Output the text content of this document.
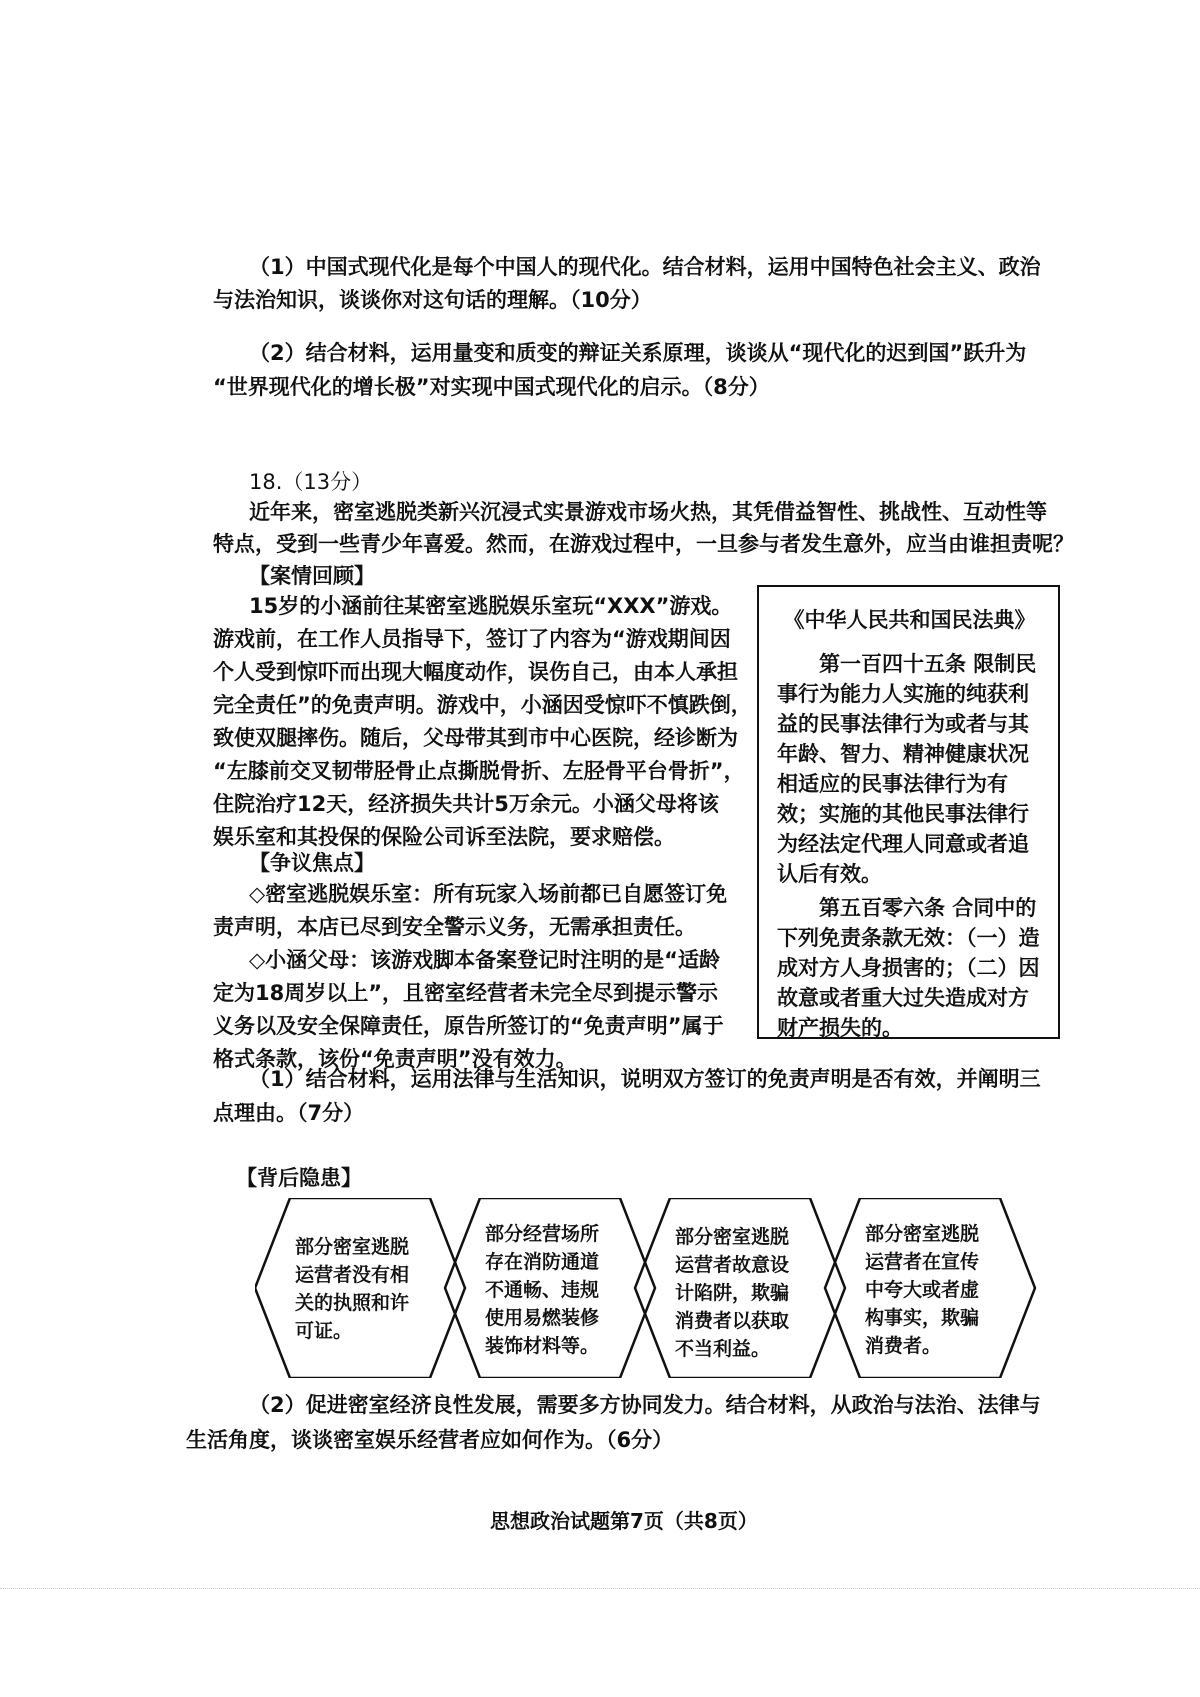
（1）中国式现代化是每个中国人的现代化。结合材料，运用中国特色社会主义、政治
与法治知识，谈谈你对这句话的理解。（10分）
（2）结合材料，运用量变和质变的辩证关系原理，谈谈从“现代化的迟到国”跃升为
“世界现代化的增长极”对实现中国式现代化的启示。（8分）
18.（13分）
近年来，密室逃脱类新兴沉浸式实景游戏市场火热，其凭借益智性、挑战性、互动性等
特点，受到一些青少年喜爱。然而，在游戏过程中，一旦参与者发生意外，应当由谁担责呢？
【案情回顾】
15岁的小涵前往某密室逃脱娱乐室玩“XXX”游戏。
游戏前，在工作人员指导下，签订了内容为“游戏期间因
个人受到惊吓而出现大幅度动作，误伤自己，由本人承担
完全责任”的免责声明。游戏中，小涵因受惊吓不慎跌倒，
致使双腿摔伤。随后，父母带其到市中心医院，经诊断为
“左膝前交叉韧带胫骨止点撕脱骨折、左胫骨平台骨折”，
住院治疗12天，经济损失共计5万余元。小涵父母将该
娱乐室和其投保的保险公司诉至法院，要求赔偿。
【争议焦点】
◇密室逃脱娱乐室：所有玩家入场前都已自愿签订免
责声明，本店已尽到安全警示义务，无需承担责任。
◇小涵父母：该游戏脚本备案登记时注明的是“适龄
定为18周岁以上”，且密室经营者未完全尽到提示警示
义务以及安全保障责任，原告所签订的“免责声明”属于
格式条款，该份“免责声明”没有效力。
《中华人民共和国民法典》

第一百四十五条 限制民事行为能力人实施的纯获利益的民事法律行为或者与其年龄、智力、精神健康状况相适应的民事法律行为有效；实施的其他民事法律行为经法定代理人同意或者追认后有效。

第五百零六条 合同中的下列免责条款无效：（一）造成对方人身损害的；（二）因故意或者重大过失造成对方财产损失的。

（1）结合材料，运用法律与生活知识，说明双方签订的免责声明是否有效，并阐明三
点理由。（7分）
【背后隐患】
部分密室逃脱运营者没有相关的执照和许可证。
部分经营场所存在消防通道不通畅、违规使用易燃装修装饰材料等。
部分密室逃脱运营者故意设计陷阱，欺骗消费者以获取不当利益。
部分密室逃脱运营者在宣传中夸大或者虚构事实，欺骗消费者。
（2）促进密室经济良性发展，需要多方协同发力。结合材料，从政治与法治、法律与
生活角度，谈谈密室娱乐经营者应如何作为。（6分）
思想政治试题第7页（共8页）
